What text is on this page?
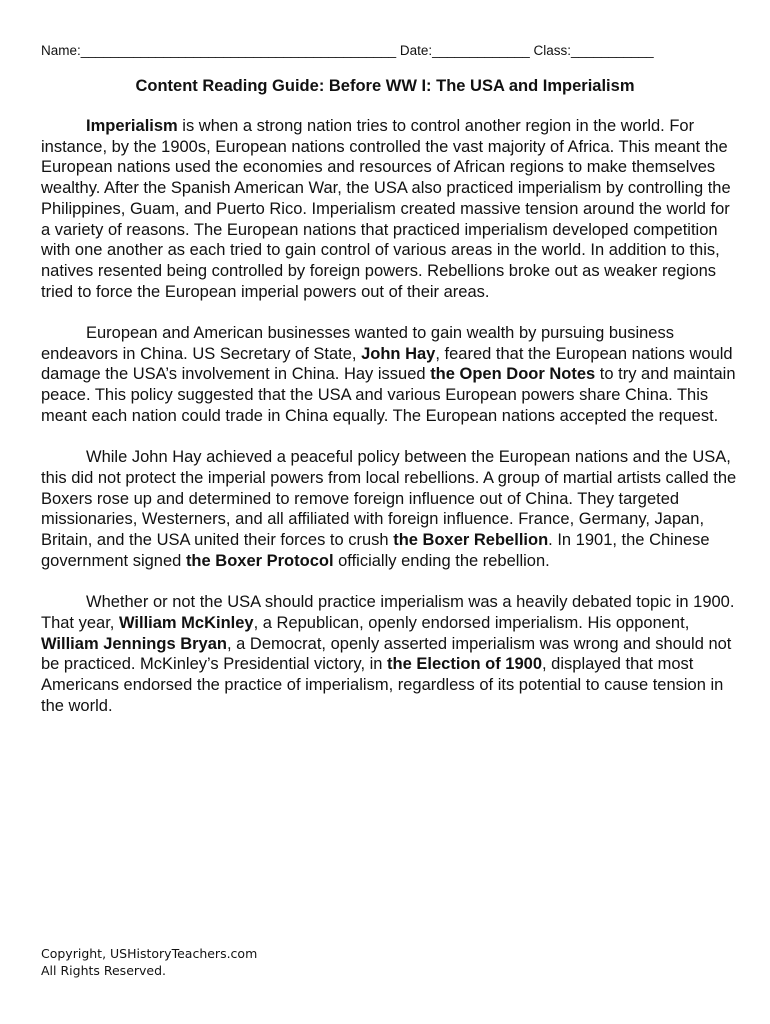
Name:__________________________________________ Date:_____________ Class:___________
Content Reading Guide: Before WW I: The USA and Imperialism

Imperialism is when a strong nation tries to control another region in the world. For instance, by the 1900s, European nations controlled the vast majority of Africa. This meant the European nations used the economies and resources of African regions to make themselves wealthy. After the Spanish American War, the USA also practiced imperialism by controlling the Philippines, Guam, and Puerto Rico. Imperialism created massive tension around the world for a variety of reasons. The European nations that practiced imperialism developed competition with one another as each tried to gain control of various areas in the world. In addition to this, natives resented being controlled by foreign powers. Rebellions broke out as weaker regions tried to force the European imperial powers out of their areas.

European and American businesses wanted to gain wealth by pursuing business endeavors in China. US Secretary of State, John Hay, feared that the European nations would damage the USA’s involvement in China. Hay issued the Open Door Notes to try and maintain peace. This policy suggested that the USA and various European powers share China. This meant each nation could trade in China equally. The European nations accepted the request.

While John Hay achieved a peaceful policy between the European nations and the USA, this did not protect the imperial powers from local rebellions. A group of martial artists called the Boxers rose up and determined to remove foreign influence out of China. They targeted missionaries, Westerners, and all affiliated with foreign influence. France, Germany, Japan, Britain, and the USA united their forces to crush the Boxer Rebellion. In 1901, the Chinese government signed the Boxer Protocol officially ending the rebellion.

Whether or not the USA should practice imperialism was a heavily debated topic in 1900. That year, William McKinley, a Republican, openly endorsed imperialism. His opponent, William Jennings Bryan, a Democrat, openly asserted imperialism was wrong and should not be practiced. McKinley’s Presidential victory, in the Election of 1900, displayed that most Americans endorsed the practice of imperialism, regardless of its potential to cause tension in the world.

Copyright, USHistoryTeachers.com
All Rights Reserved.
